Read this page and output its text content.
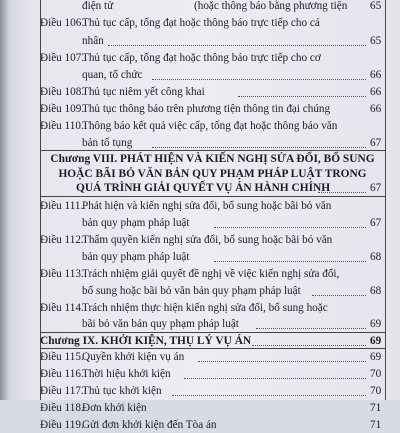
điện tử	(hoặc thông báo bằng phương tiện 65
Điều 106.
Thủ tục cấp, tống đạt hoặc thông báo trực tiếp cho cá
nhân	65
Điều 107.
Thủ tục cấp, tống đạt hoặc thông báo trực tiếp cho cơ
quan, tổ chức	66
Điều 108.
Thủ tục niêm yết công khai	66
Điều 109.
Thủ tục thông báo trên phương tiện thông tin đại chúng	66
Điều 110.
Thông báo kết quả việc cấp, tống đạt hoặc thông báo văn
bản tố tụng	67
Chương VIII. PHÁT HIỆN VÀ KIẾN NGHỊ SỬA ĐỔI, BỔ SUNG
HOẶC BÃI BỎ VĂN BẢN QUY PHẠM PHÁP LUẬT TRONG
QUÁ TRÌNH GIẢI QUYẾT VỤ ÁN HÀNH CHÍNH	67
Điều 111.
Phát hiện và kiến nghị sửa đổi, bổ sung hoặc bãi bỏ văn
bản quy phạm pháp luật	67
Điều 112.
Thẩm quyền kiến nghị sửa đổi, bổ sung hoặc bãi bỏ văn
bản quy phạm pháp luật	68
Điều 113.
Trách nhiệm giải quyết đề nghị về việc kiến nghị sửa đổi,
bổ sung hoặc bãi bỏ văn bản quy phạm pháp luật	68
Điều 114.
Trách nhiệm thực hiện kiến nghị sửa đổi, bổ sung hoặc
bãi bỏ văn bản quy phạm pháp luật	69
Chương IX. KHỞI KIỆN, THỤ LÝ VỤ ÁN	69
Điều 115.
Quyền khởi kiện vụ án	69
Điều 116.
Thời hiệu khởi kiện	70
Điều 117.
Thủ tục khởi kiện	70
Điều 118.
Đơn khởi kiện	71
Điều 119.
Gửi đơn khởi kiện đến Tòa án	71
